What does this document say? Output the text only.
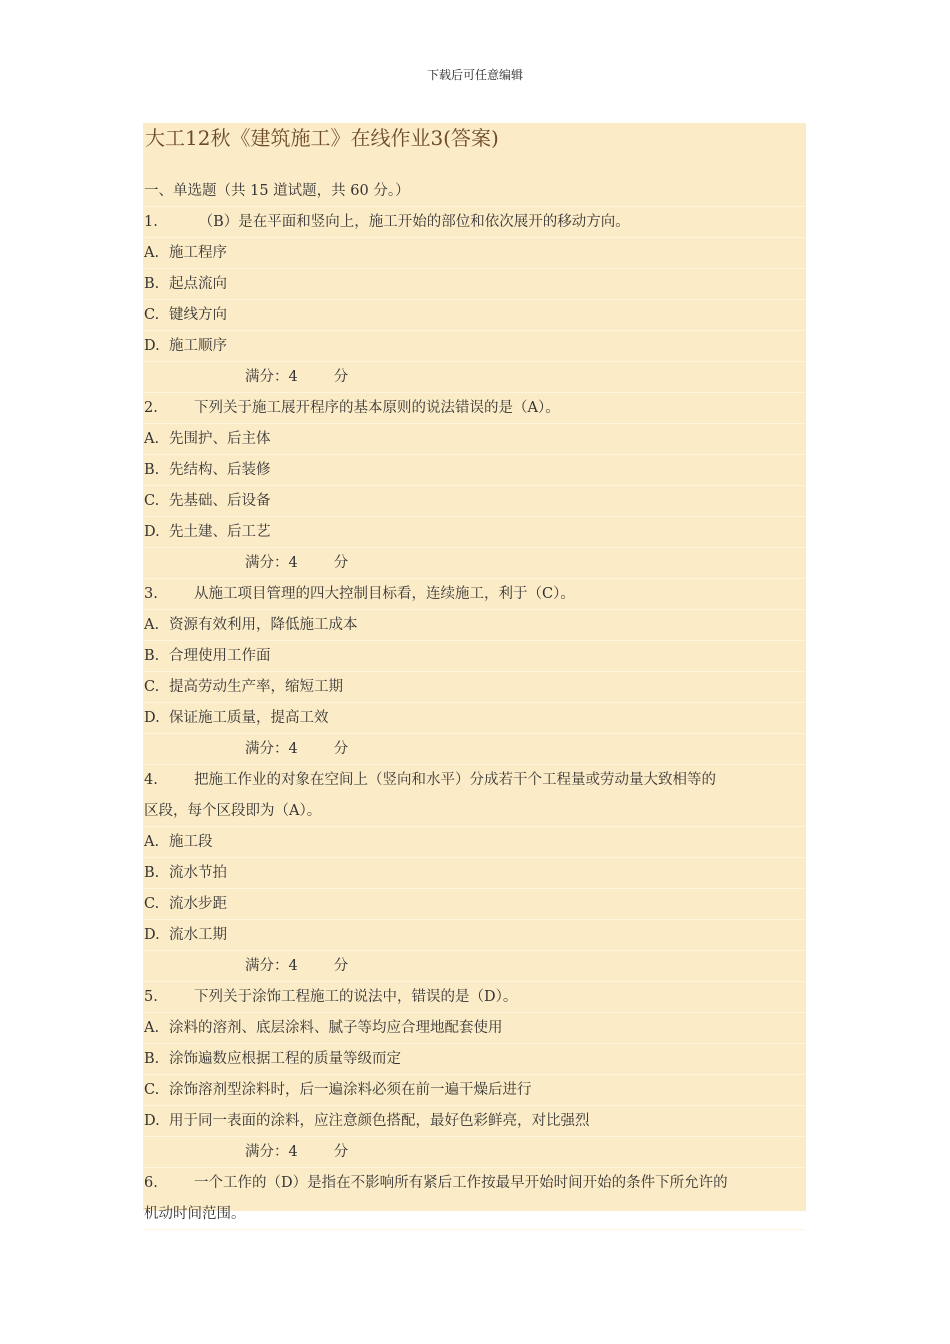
下载后可任意编辑
大工12秋《建筑施工》在线作业3(答案)
一、单选题（共 15 道试题，共 60 分。）
1. （B）是在平面和竖向上，施工开始的部位和依次展开的移动方向。
A. 施工程序
B. 起点流向
C. 键线方向
D. 施工顺序
满分：4 分
2. 下列关于施工展开程序的基本原则的说法错误的是（A）。
A. 先围护、后主体
B. 先结构、后装修
C. 先基础、后设备
D. 先土建、后工艺
满分：4 分
3. 从施工项目管理的四大控制目标看，连续施工，利于（C）。
A. 资源有效利用，降低施工成本
B. 合理使用工作面
C. 提高劳动生产率，缩短工期
D. 保证施工质量，提高工效
满分：4 分
4. 把施工作业的对象在空间上（竖向和水平）分成若干个工程量或劳动量大致相等的
区段，每个区段即为（A）。
A. 施工段
B. 流水节拍
C. 流水步距
D. 流水工期
满分：4 分
5. 下列关于涂饰工程施工的说法中，错误的是（D）。
A. 涂料的溶剂、底层涂料、腻子等均应合理地配套使用
B. 涂饰遍数应根据工程的质量等级而定
C. 涂饰溶剂型涂料时，后一遍涂料必须在前一遍干燥后进行
D. 用于同一表面的涂料，应注意颜色搭配，最好色彩鲜亮，对比强烈
满分：4 分
6. 一个工作的（D）是指在不影响所有紧后工作按最早开始时间开始的条件下所允许的
机动时间范围。
